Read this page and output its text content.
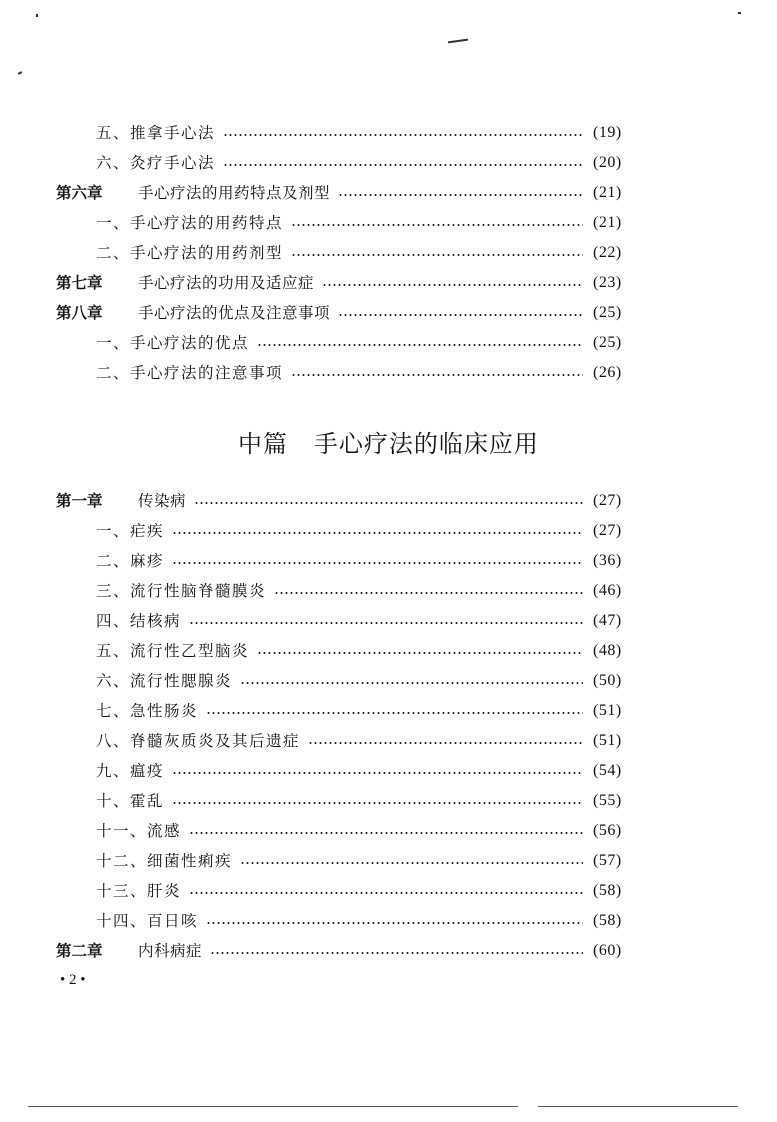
五、推拿手心法	(19)
六、灸疗手心法	(20)
第六章	手心疗法的用药特点及剂型	(21)
一、手心疗法的用药特点	(21)
二、手心疗法的用药剂型	(22)
第七章	手心疗法的功用及适应症	(23)
第八章	手心疗法的优点及注意事项	(25)
一、手心疗法的优点	(25)
二、手心疗法的注意事项	(26)
中篇   手心疗法的临床应用
第一章	传染病	(27)
一、疟疾	(27)
二、麻疹	(36)
三、流行性脑脊髓膜炎	(46)
四、结核病	(47)
五、流行性乙型脑炎	(48)
六、流行性腮腺炎	(50)
七、急性肠炎	(51)
八、脊髓灰质炎及其后遗症	(51)
九、瘟疫	(54)
十、霍乱	(55)
十一、流感	(56)
十二、细菌性痢疾	(57)
十三、肝炎	(58)
十四、百日咳	(58)
第二章	内科病症	(60)
• 2 •
